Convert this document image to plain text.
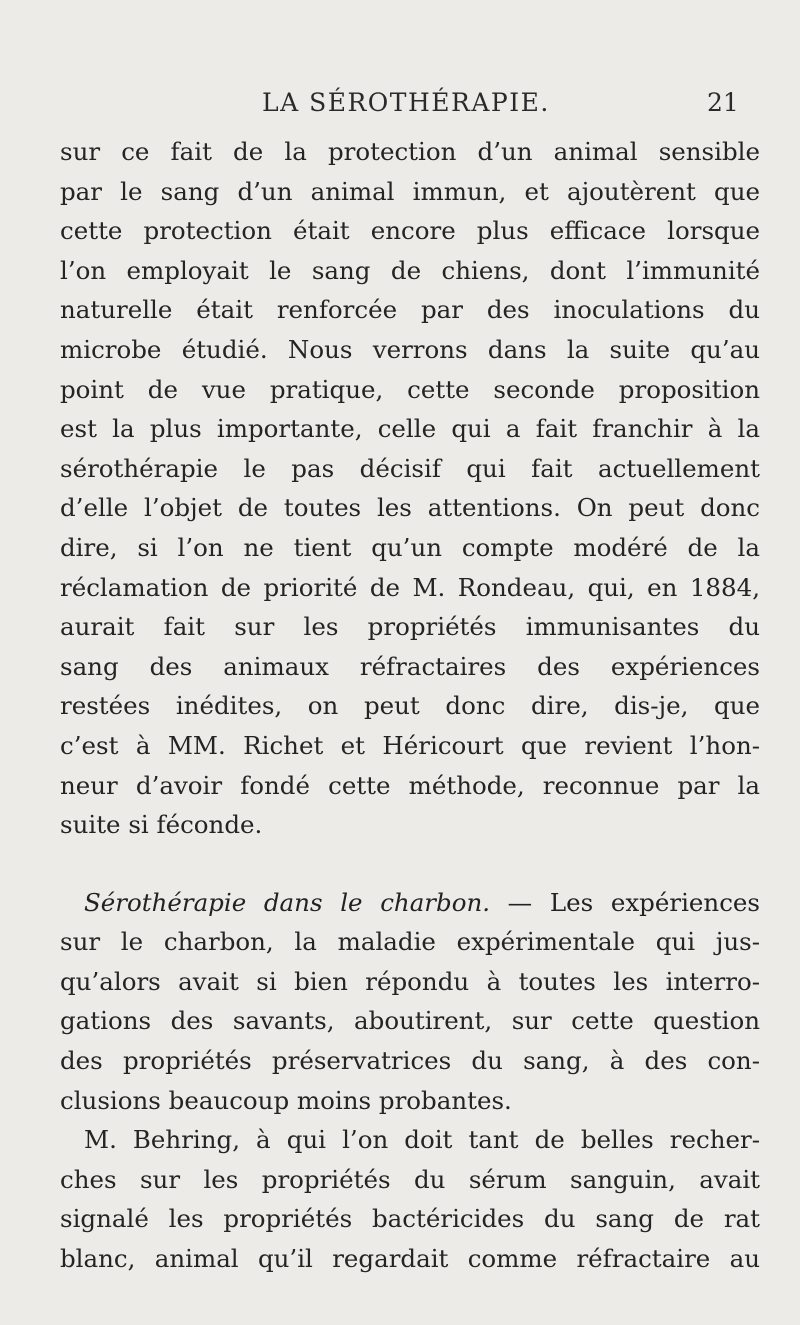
LA SÉROTHÉRAPIE.	21
sur ce fait de la protection d’un animal sensible
par le sang d’un animal immun, et ajoutèrent que
cette protection était encore plus efficace lorsque
l’on employait le sang de chiens, dont l’immunité
naturelle était renforcée par des inoculations du
microbe étudié. Nous verrons dans la suite qu’au
point de vue pratique, cette seconde proposition
est la plus importante, celle qui a fait franchir à la
sérothérapie le pas décisif qui fait actuellement
d’elle l’objet de toutes les attentions. On peut donc
dire, si l’on ne tient qu’un compte modéré de la
réclamation de priorité de M. Rondeau, qui, en 1884,
aurait fait sur les propriétés immunisantes du
sang des animaux réfractaires des expériences
restées inédites, on peut donc dire, dis-je, que
c’est à MM. Richet et Héricourt que revient l’hon-
neur d’avoir fondé cette méthode, reconnue par la
suite si féconde.
Sérothérapie dans le charbon. — Les expériences
sur le charbon, la maladie expérimentale qui jus-
qu’alors avait si bien répondu à toutes les interro-
gations des savants, aboutirent, sur cette question
des propriétés préservatrices du sang, à des con-
clusions beaucoup moins probantes.
M. Behring, à qui l’on doit tant de belles recher-
ches sur les propriétés du sérum sanguin, avait
signalé les propriétés bactéricides du sang de rat
blanc, animal qu’il regardait comme réfractaire au
